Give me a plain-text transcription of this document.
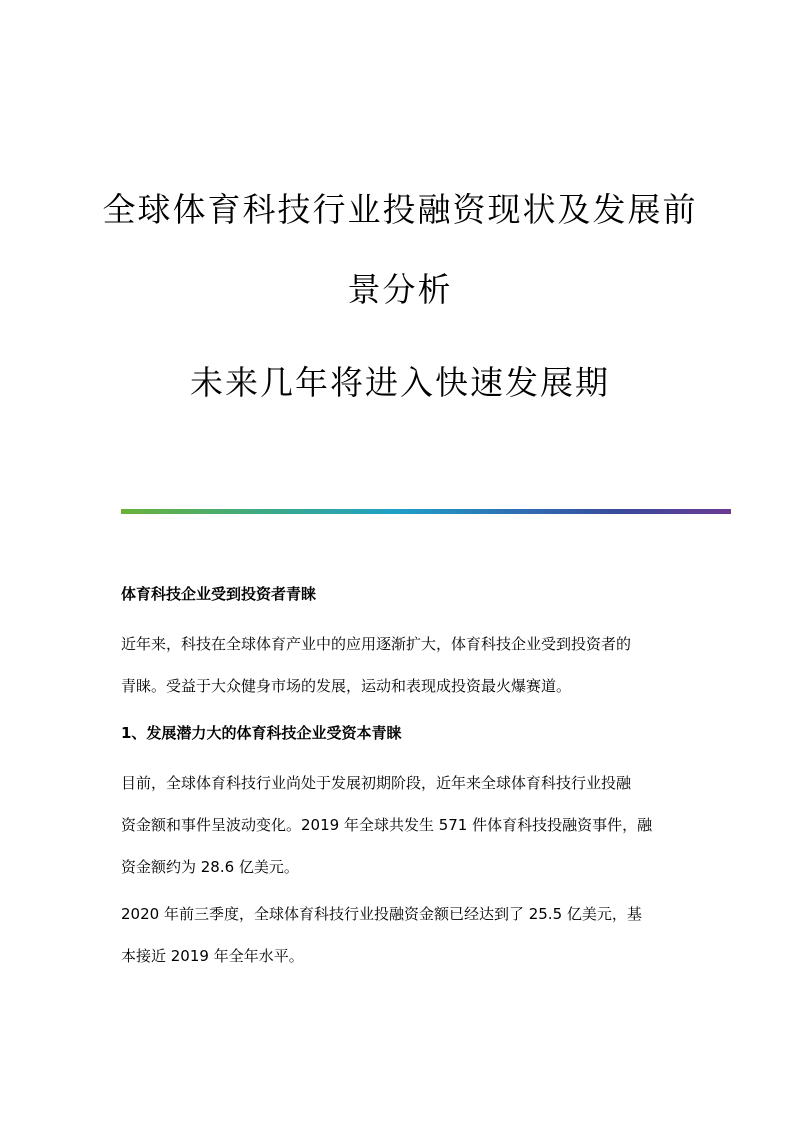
全球体育科技行业投融资现状及发展前
景分析
未来几年将进入快速发展期
体育科技企业受到投资者青睐
近年来，科技在全球体育产业中的应用逐渐扩大，体育科技企业受到投资者的
青睐。受益于大众健身市场的发展，运动和表现成投资最火爆赛道。
1、发展潜力大的体育科技企业受资本青睐
目前，全球体育科技行业尚处于发展初期阶段，近年来全球体育科技行业投融
资金额和事件呈波动变化。2019 年全球共发生 571 件体育科技投融资事件，融
资金额约为 28.6 亿美元。
2020 年前三季度，全球体育科技行业投融资金额已经达到了 25.5 亿美元，基
本接近 2019 年全年水平。
